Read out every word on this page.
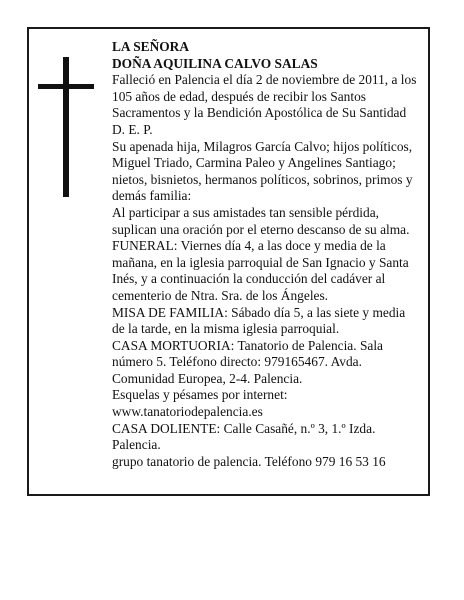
LA SEÑORA

DOÑA AQUILINA CALVO SALAS

Falleció en Palencia el día 2 de noviembre de 2011, a los 105 años de edad, después de recibir los Santos Sacramentos y la Bendición Apostólica de Su Santidad D. E. P.

Su apenada hija, Milagros García Calvo; hijos políticos, Miguel Triado, Carmina Paleo y Angelines Santiago; nietos, bisnietos, hermanos políticos, sobrinos, primos y demás familia:

Al participar a sus amistades tan sensible pérdida, suplican una oración por el eterno descanso de su alma.

FUNERAL: Viernes día 4, a las doce y media de la mañana, en la iglesia parroquial de San Ignacio y Santa Inés, y a continuación la conducción del cadáver al cementerio de Ntra. Sra. de los Ángeles.

MISA DE FAMILIA: Sábado día 5, a las siete y media de la tarde, en la misma iglesia parroquial.

CASA MORTUORIA: Tanatorio de Palencia. Sala número 5. Teléfono directo: 979165467. Avda. Comunidad Europea, 2-4. Palencia.

Esquelas y pésames por internet:

www.tanatoriodepalencia.es

CASA DOLIENTE: Calle Casañé, n.º 3, 1.º Izda. Palencia.

grupo tanatorio de palencia. Teléfono 979 16 53 16
